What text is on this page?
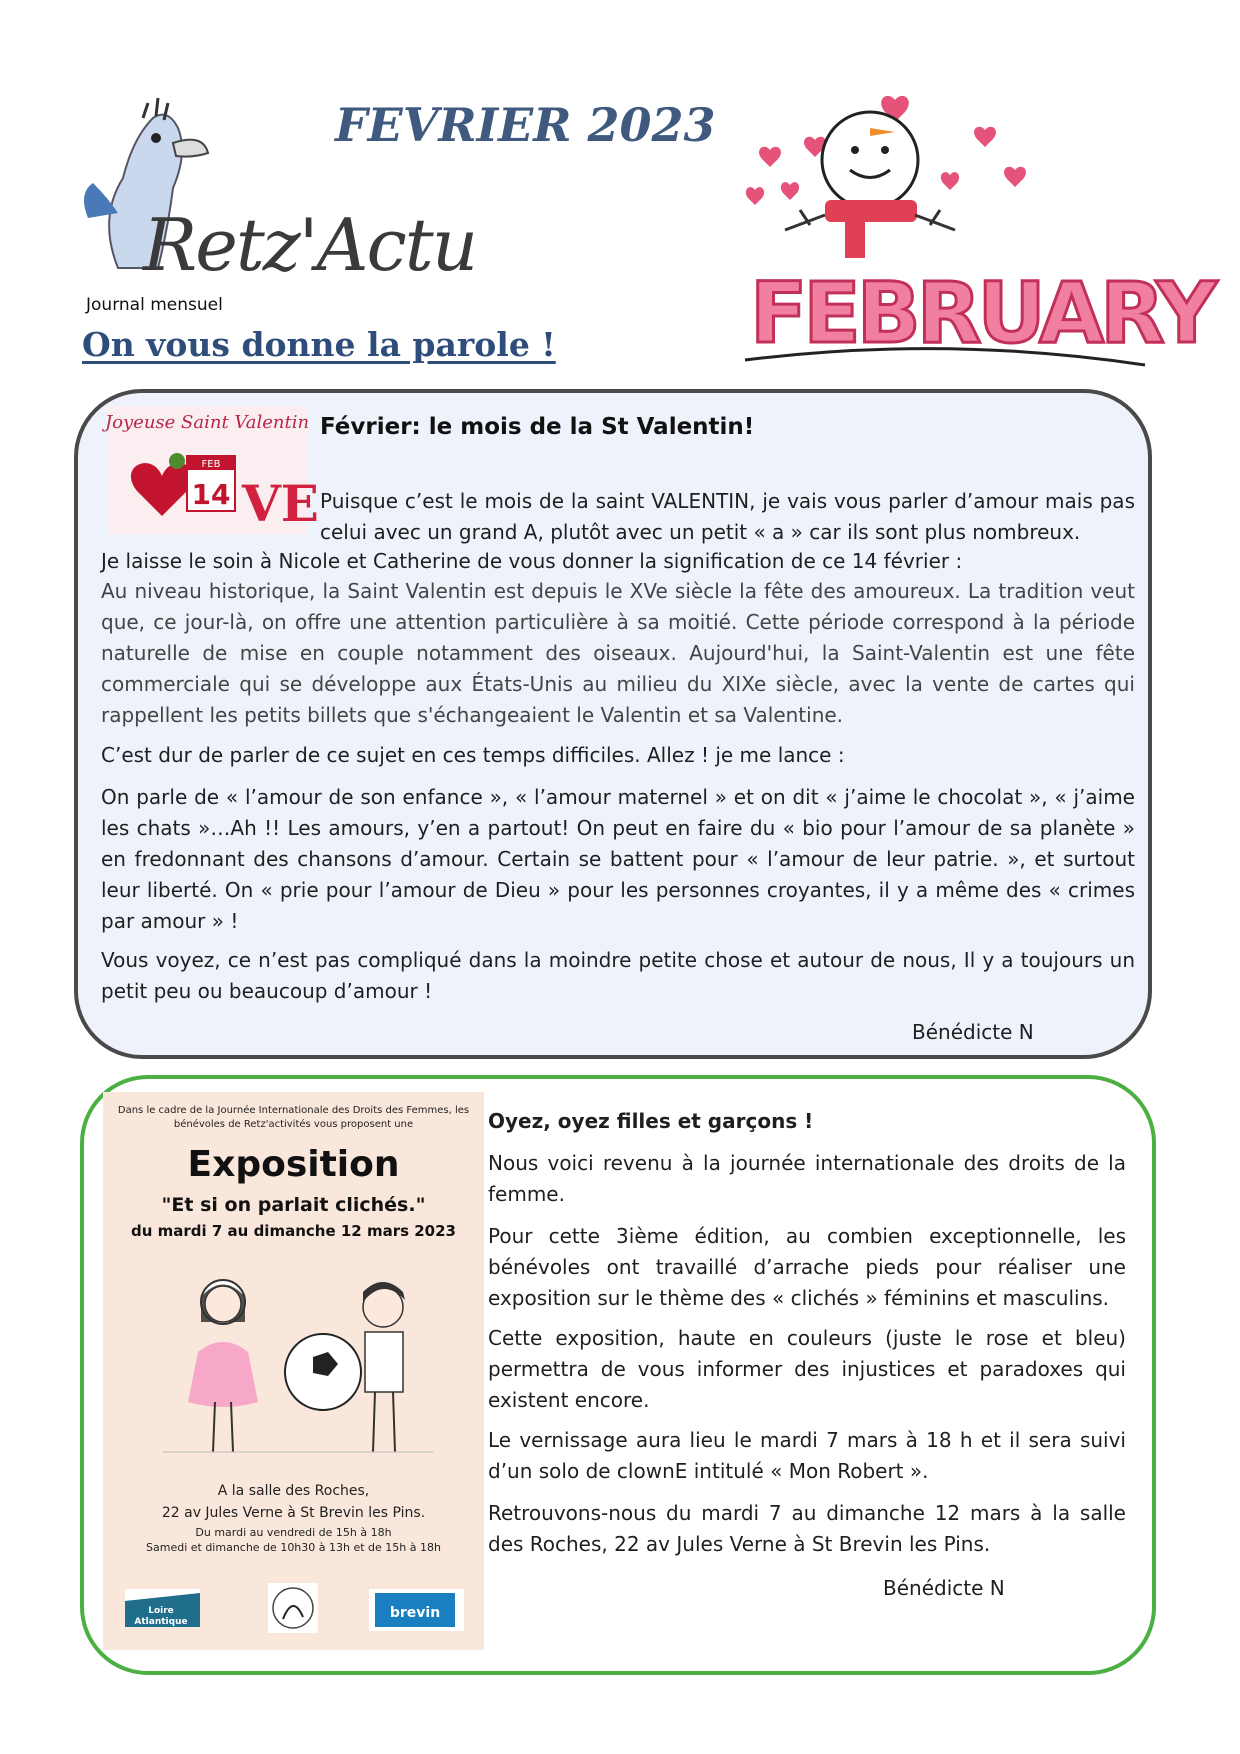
Retz'Actu
Journal mensuel
FEVRIER 2023
On vous donne la parole ! FEBRUARY
Joyeuse Saint Valentin
FEB
14 VE
Février: le mois de la St Valentin!

Puisque c’est le mois de la saint VALENTIN, je vais vous parler d’amour mais pas celui avec un grand A, plutôt avec un petit « a » car ils sont plus nombreux.

Je laisse le soin à Nicole et Catherine de vous donner la signification de ce 14 février :

Au niveau historique, la Saint Valentin est depuis le XVe siècle la fête des amoureux. La tradition veut que, ce jour-là, on offre une attention particulière à sa moitié. Cette période correspond à la période naturelle de mise en couple notamment des oiseaux. Aujourd'hui, la Saint-Valentin est une fête commerciale qui se développe aux États-Unis au milieu du XIXe siècle, avec la vente de cartes qui rappellent les petits billets que s'échangeaient le Valentin et sa Valentine.

C’est dur de parler de ce sujet en ces temps difficiles. Allez ! je me lance :

On parle de « l’amour de son enfance », « l’amour maternel » et on dit « j’aime le chocolat », « j’aime les chats »…Ah !! Les amours, y’en a partout! On peut en faire du « bio pour l’amour de sa planète » en fredonnant des chansons d’amour. Certain se battent pour « l’amour de leur patrie. », et surtout leur liberté. On « prie pour l’amour de Dieu » pour les personnes croyantes, il y a même des « crimes par amour » !

Vous voyez, ce n’est pas compliqué dans la moindre petite chose et autour de nous, Il y a toujours un petit peu ou beaucoup d’amour !

Bénédicte N
Dans le cadre de la Journée Internationale des Droits des Femmes, les bénévoles de Retz'activités vous proposent une
Exposition
"Et si on parlait clichés."
du mardi 7 au dimanche 12 mars 2023
A la salle des Roches,
22 av Jules Verne à St Brevin les Pins.
Du mardi au vendredi de 15h à 18h
Samedi et dimanche de 10h30 à 13h et de 15h à 18h
Loire
Atlantique
brevin

Oyez, oyez filles et garçons !

Nous voici revenu à la journée internationale des droits de la femme.

Pour cette 3ième édition, au combien exceptionnelle, les bénévoles ont travaillé d’arrache pieds pour réaliser une exposition sur le thème des « clichés » féminins et masculins.

Cette exposition, haute en couleurs (juste le rose et bleu) permettra de vous informer des injustices et paradoxes qui existent encore.

Le vernissage aura lieu le mardi 7 mars à 18 h et il sera suivi d’un solo de clownE intitulé « Mon Robert ».

Retrouvons-nous du mardi 7 au dimanche 12 mars à la salle des Roches, 22 av Jules Verne à St Brevin les Pins.

Bénédicte N
